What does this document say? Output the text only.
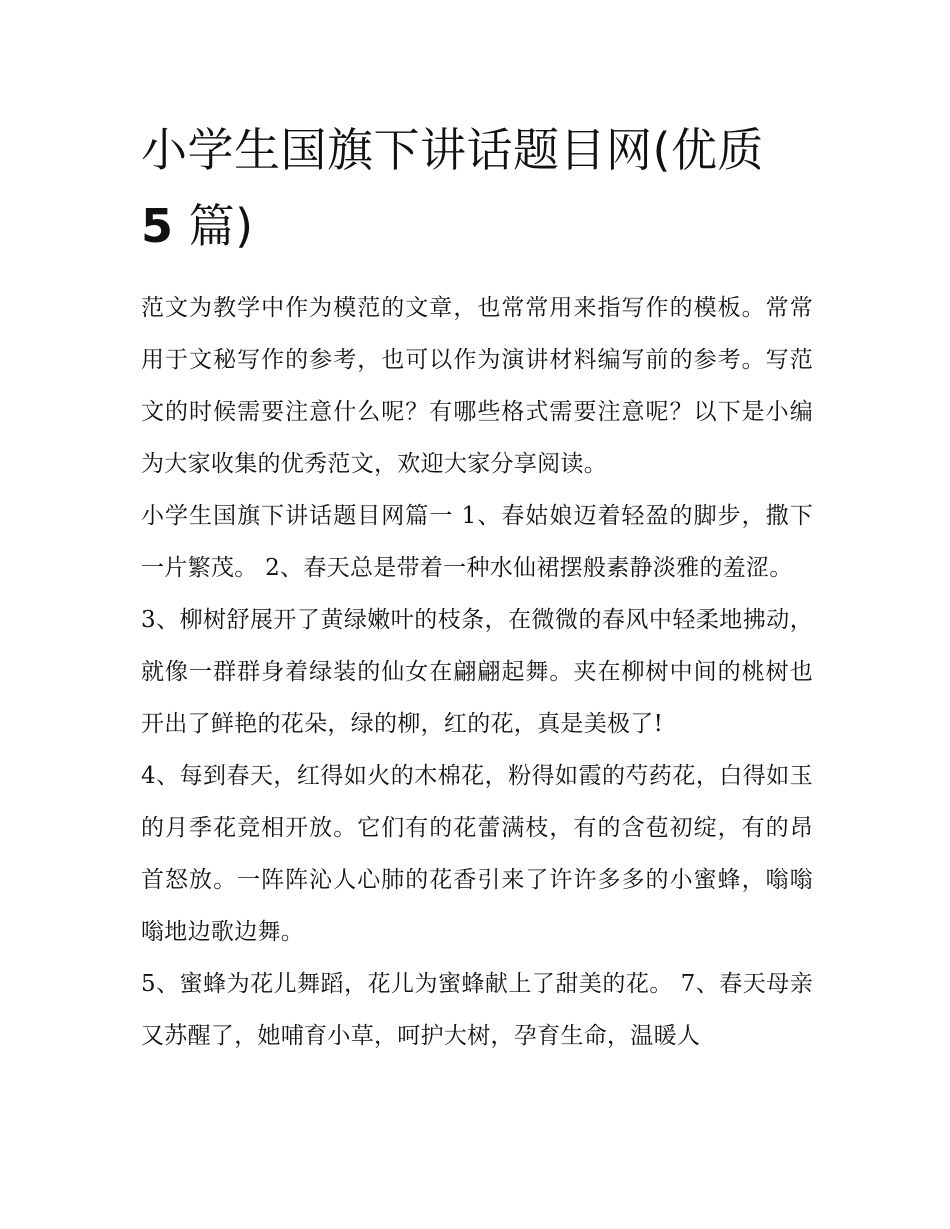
小学生国旗下讲话题目网(优质
5 篇)

范文为教学中作为模范的文章，也常常用来指写作的模板。常常用于文秘写作的参考，也可以作为演讲材料编写前的参考。写范文的时候需要注意什么呢？有哪些格式需要注意呢？以下是小编为大家收集的优秀范文，欢迎大家分享阅读。

小学生国旗下讲话题目网篇一 1、春姑娘迈着轻盈的脚步，撒下一片繁茂。 2、春天总是带着一种水仙裙摆般素静淡雅的羞涩。

3、柳树舒展开了黄绿嫩叶的枝条，在微微的春风中轻柔地拂动，就像一群群身着绿装的仙女在翩翩起舞。夹在柳树中间的桃树也开出了鲜艳的花朵，绿的柳，红的花，真是美极了!

4、每到春天，红得如火的木棉花，粉得如霞的芍药花，白得如玉的月季花竞相开放。它们有的花蕾满枝，有的含苞初绽，有的昂首怒放。一阵阵沁人心肺的花香引来了许许多多的小蜜蜂，嗡嗡嗡地边歌边舞。

5、蜜蜂为花儿舞蹈，花儿为蜜蜂献上了甜美的花。 7、春天母亲又苏醒了，她哺育小草，呵护大树，孕育生命，温暖人
